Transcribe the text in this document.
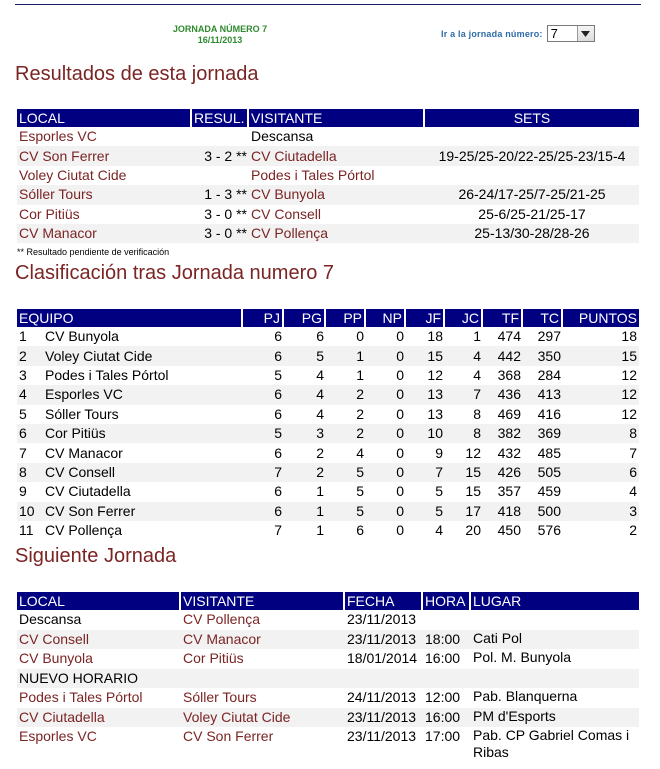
JORNADA NÚMERO 7
16/11/2013
Ir a la jornada número: 7
Resultados de esta jornada
LOCAL	RESUL.	VISITANTE	SETS
Esporles VC		Descansa	
CV Son Ferrer	3 - 2 **	CV Ciutadella	19-25/25-20/22-25/25-23/15-4
Voley Ciutat Cide		Podes i Tales Pórtol	
Sóller Tours	1 - 3 **	CV Bunyola	26-24/17-25/7-25/21-25
Cor Pitiüs	3 - 0 **	CV Consell	25-6/25-21/25-17
CV Manacor	3 - 0 **	CV Pollença	25-13/30-28/28-26
** Resultado pendiente de verificación
Clasificación tras Jornada numero 7
EQUIPO	PJ	PG	PP	NP	JF	JC	TF	TC	PUNTOS
1 CV Bunyola	6	6	0	0	18	1	474	297	18
2 Voley Ciutat Cide	6	5	1	0	15	4	442	350	15
3 Podes i Tales Pórtol	5	4	1	0	12	4	368	284	12
4 Esporles VC	6	4	2	0	13	7	436	413	12
5 Sóller Tours	6	4	2	0	13	8	469	416	12
6 Cor Pitiüs	5	3	2	0	10	8	382	369	8
7 CV Manacor	6	2	4	0	9	12	432	485	7
8 CV Consell	7	2	5	0	7	15	426	505	6
9 CV Ciutadella	6	1	5	0	5	15	357	459	4
10 CV Son Ferrer	6	1	5	0	5	17	418	500	3
11 CV Pollença	7	1	6	0	4	20	450	576	2
Siguiente Jornada
LOCAL	VISITANTE	FECHA	HORA	LUGAR
Descansa	CV Pollença	23/11/2013		
CV Consell	CV Manacor	23/11/2013	18:00	Cati Pol
CV Bunyola	Cor Pitiüs	18/01/2014	16:00	Pol. M. Bunyola
NUEVO HORARIO				
Podes i Tales Pórtol	Sóller Tours	24/11/2013	12:00	Pab. Blanquerna
CV Ciutadella	Voley Ciutat Cide	23/11/2013	16:00	PM d'Esports
Esporles VC	CV Son Ferrer	23/11/2013	17:00	Pab. CP Gabriel Comas i Ribas
